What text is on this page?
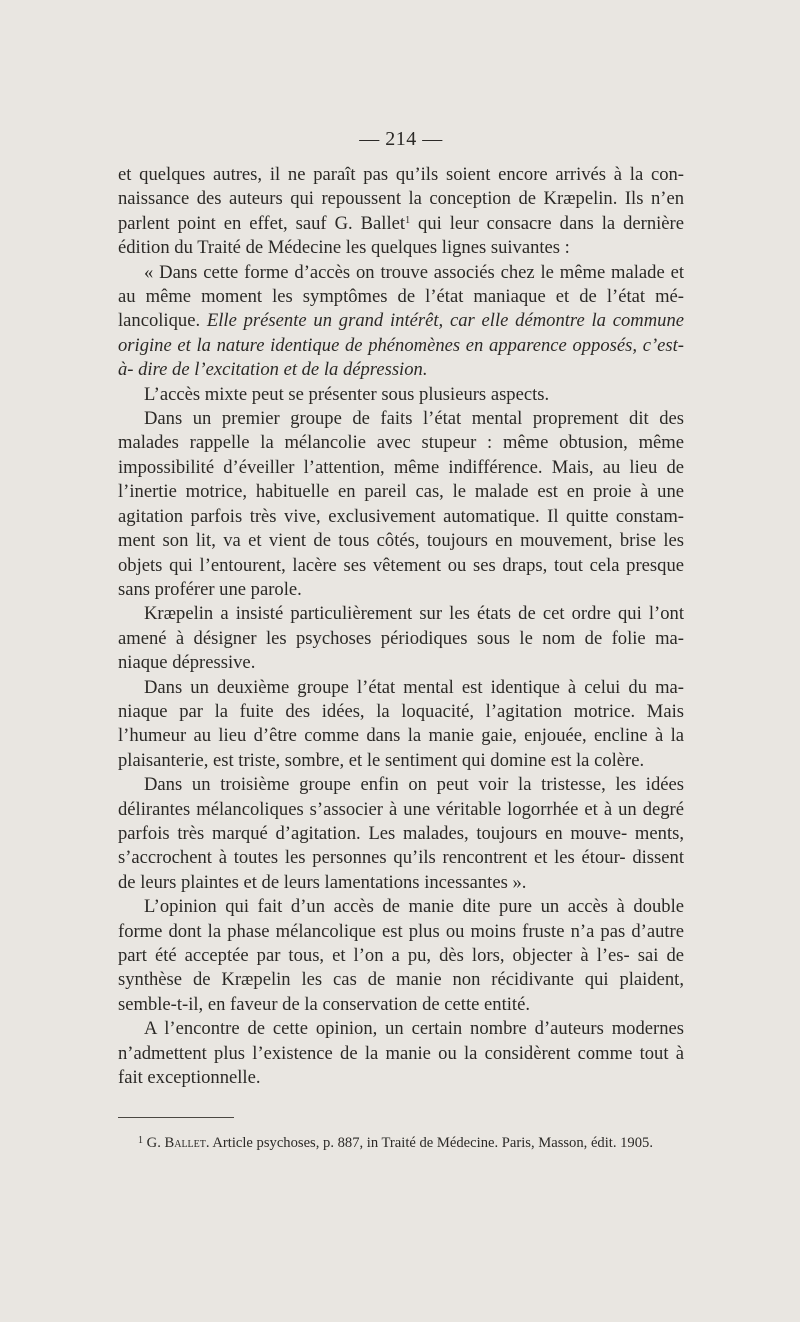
— 214 —

et quelques autres, il ne paraît pas qu’ils soient encore arrivés à la con- naissance des auteurs qui repoussent la conception de Kræpelin. Ils n’en parlent point en effet, sauf G. Ballet$^1$ qui leur consacre dans la dernière édition du Traité de Médecine les quelques lignes suivantes :

« Dans cette forme d’accès on trouve associés chez le même malade et au même moment les symptômes de l’état maniaque et de l’état mé- lancolique. Elle présente un grand intérêt, car elle démontre la commune origine et la nature identique de phénomènes en apparence opposés, c’est-à- dire de l’excitation et de la dépression.

L’accès mixte peut se présenter sous plusieurs aspects.

Dans un premier groupe de faits l’état mental proprement dit des malades rappelle la mélancolie avec stupeur : même obtusion, même impossibilité d’éveiller l’attention, même indifférence. Mais, au lieu de l’inertie motrice, habituelle en pareil cas, le malade est en proie à une agitation parfois très vive, exclusivement automatique. Il quitte constam- ment son lit, va et vient de tous côtés, toujours en mouvement, brise les objets qui l’entourent, lacère ses vêtement ou ses draps, tout cela presque sans proférer une parole.

Kræpelin a insisté particulièrement sur les états de cet ordre qui l’ont amené à désigner les psychoses périodiques sous le nom de folie ma- niaque dépressive.

Dans un deuxième groupe l’état mental est identique à celui du ma- niaque par la fuite des idées, la loquacité, l’agitation motrice. Mais l’humeur au lieu d’être comme dans la manie gaie, enjouée, encline à la plaisanterie, est triste, sombre, et le sentiment qui domine est la colère.

Dans un troisième groupe enfin on peut voir la tristesse, les idées délirantes mélancoliques s’associer à une véritable logorrhée et à un degré parfois très marqué d’agitation. Les malades, toujours en mouve- ments, s’accrochent à toutes les personnes qu’ils rencontrent et les étour- dissent de leurs plaintes et de leurs lamentations incessantes ».

L’opinion qui fait d’un accès de manie dite pure un accès à double forme dont la phase mélancolique est plus ou moins fruste n’a pas d’autre part été acceptée par tous, et l’on a pu, dès lors, objecter à l’es- sai de synthèse de Kræpelin les cas de manie non récidivante qui plaident, semble-t-il, en faveur de la conservation de cette entité.

A l’encontre de cette opinion, un certain nombre d’auteurs modernes n’admettent plus l’existence de la manie ou la considèrent comme tout à fait exceptionnelle.

$^1$ G. Ballet. Article psychoses, p. 887, in Traité de Médecine. Paris, Masson, édit. 1905.
